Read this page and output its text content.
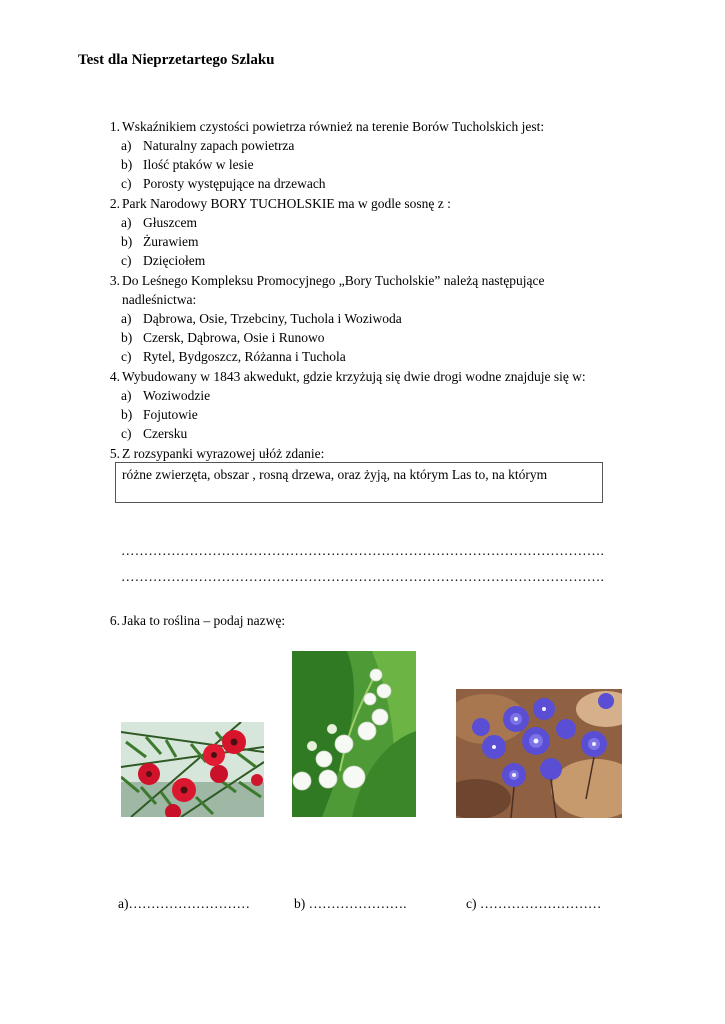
Test dla Nieprzetartego Szlaku
1. Wskaźnikiem czystości powietrza również na terenie Borów Tucholskich jest:
a) Naturalny zapach powietrza
b) Ilość ptaków w lesie
c) Porosty występujące na drzewach
2. Park Narodowy BORY TUCHOLSKIE ma w godle sosnę z :
a) Głuszcem
b) Żurawiem
c) Dzięciołem
3. Do Leśnego Kompleksu Promocyjnego „Bory Tucholskie” należą następujące
nadleśnictwa:
a) Dąbrowa, Osie, Trzebciny, Tuchola i Woziwoda
b) Czersk, Dąbrowa, Osie i Runowo
c) Rytel, Bydgoszcz, Różanna i Tuchola
4. Wybudowany w 1843 akwedukt, gdzie krzyżują się dwie drogi wodne znajduje się w:
a) Woziwodzie
b) Fojutowie
c) Czersku
5. Z rozsypanki wyrazowej ułóż zdanie:
różne zwierzęta, obszar , rosną drzewa, oraz żyją, na którym Las to, na którym
…………………………………………………………………………………………….
…………………………………………………………………………………………….
6. Jaka to roślina – podaj nazwę:
a)………………………	b) ………………….	c) ………………………
